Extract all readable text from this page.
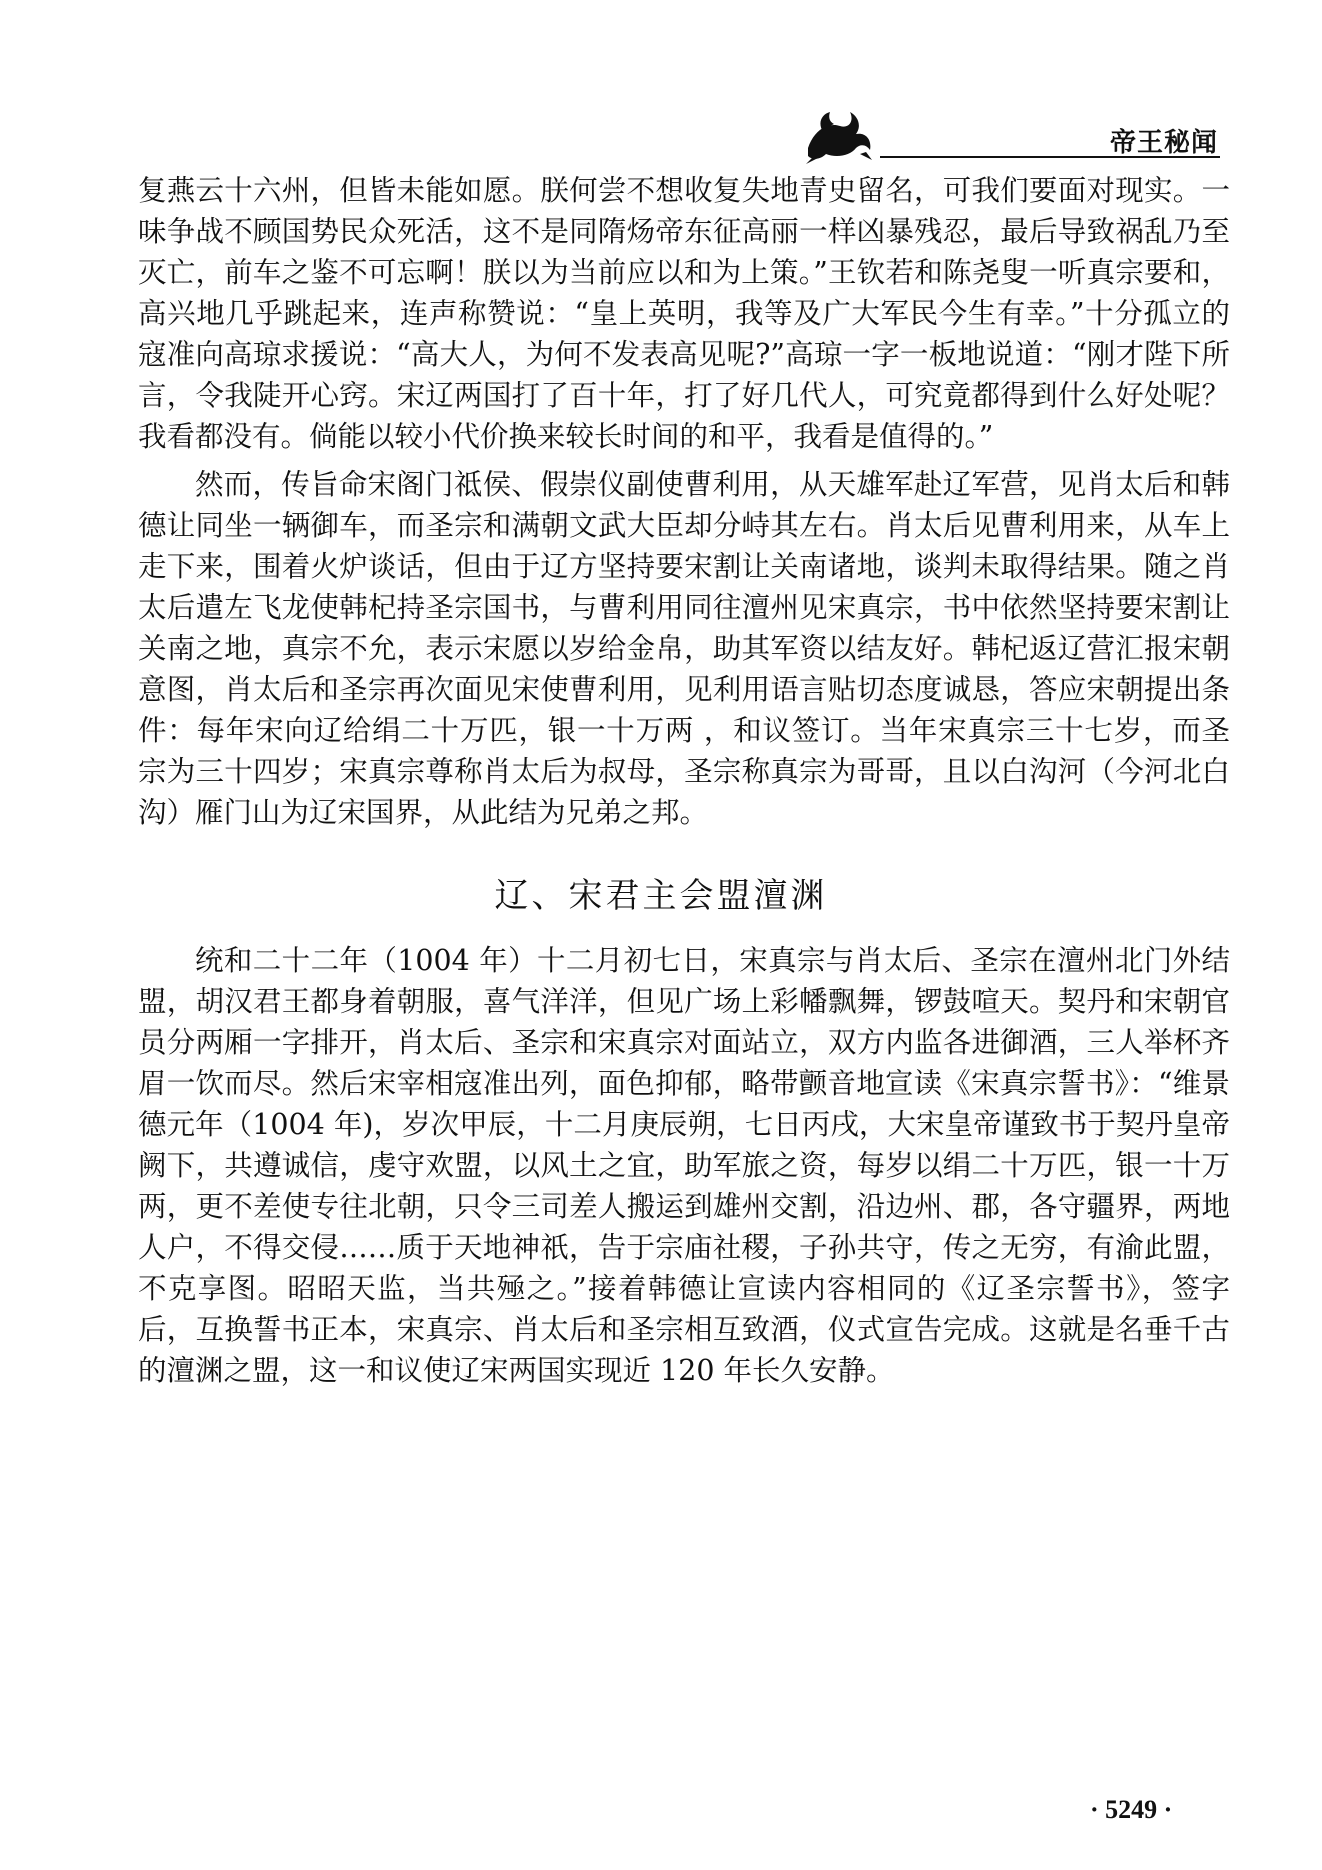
帝王秘闻

复燕云十六州，但皆未能如愿。朕何尝不想收复失地青史留名，可我们要面对现实。一味争战不顾国势民众死活，这不是同隋炀帝东征高丽一样凶暴残忍，最后导致祸乱乃至灭亡，前车之鉴不可忘啊！朕以为当前应以和为上策。”王钦若和陈尧叟一听真宗要和，高兴地几乎跳起来，连声称赞说：“皇上英明，我等及广大军民今生有幸。”十分孤立的寇准向高琼求援说：“高大人，为何不发表高见呢?”高琼一字一板地说道：“刚才陛下所言，令我陡开心窍。宋辽两国打了百十年，打了好几代人，可究竟都得到什么好处呢？我看都没有。倘能以较小代价换来较长时间的和平，我看是值得的。”

然而，传旨命宋阁门祗侯、假崇仪副使曹利用，从天雄军赴辽军营，见肖太后和韩德让同坐一辆御车，而圣宗和满朝文武大臣却分峙其左右。肖太后见曹利用来，从车上走下来，围着火炉谈话，但由于辽方坚持要宋割让关南诸地，谈判未取得结果。随之肖太后遣左飞龙使韩杞持圣宗国书，与曹利用同往澶州见宋真宗，书中依然坚持要宋割让关南之地，真宗不允，表示宋愿以岁给金帛，助其军资以结友好。韩杞返辽营汇报宋朝意图，肖太后和圣宗再次面见宋使曹利用，见利用语言贴切态度诚恳，答应宋朝提出条件：每年宋向辽给绢二十万匹，银一十万两 ，和议签订。当年宋真宗三十七岁，而圣宗为三十四岁；宋真宗尊称肖太后为叔母，圣宗称真宗为哥哥，且以白沟河（今河北白沟）雁门山为辽宋国界，从此结为兄弟之邦。

辽、宋君主会盟澶渊

统和二十二年（1004 年）十二月初七日，宋真宗与肖太后、圣宗在澶州北门外结盟，胡汉君王都身着朝服，喜气洋洋，但见广场上彩幡飘舞，锣鼓喧天。契丹和宋朝官员分两厢一字排开，肖太后、圣宗和宋真宗对面站立，双方内监各进御酒，三人举杯齐眉一饮而尽。然后宋宰相寇准出列，面色抑郁，略带颤音地宣读《宋真宗誓书》：“维景德元年（1004 年)，岁次甲辰，十二月庚辰朔，七日丙戌，大宋皇帝谨致书于契丹皇帝阙下，共遵诚信，虔守欢盟，以风土之宜，助军旅之资，每岁以绢二十万匹，银一十万两，更不差使专往北朝，只令三司差人搬运到雄州交割，沿边州、郡，各守疆界，两地人户，不得交侵……质于天地神祇，告于宗庙社稷，子孙共守，传之无穷，有渝此盟，不克享图。昭昭天监，当共殛之。”接着韩德让宣读内容相同的《辽圣宗誓书》，签字后，互换誓书正本，宋真宗、肖太后和圣宗相互致酒，仪式宣告完成。这就是名垂千古的澶渊之盟，这一和议使辽宋两国实现近 120 年长久安静。

· 5249 ·
